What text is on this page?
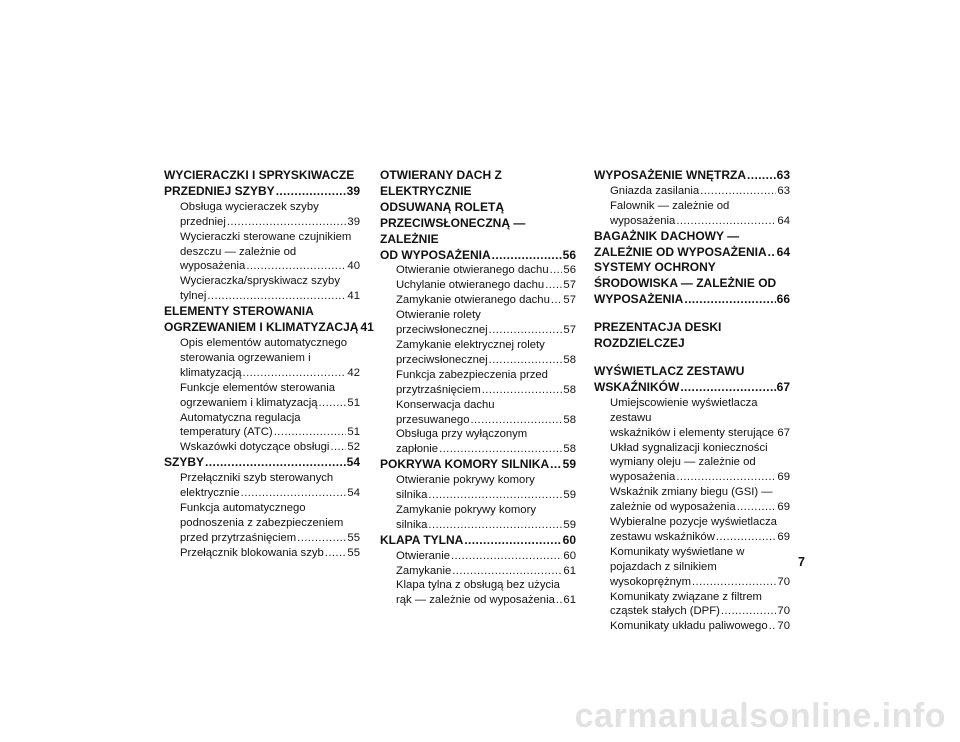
WYCIERACZKI I SPRYSKIWACZE
PRZEDNIEJ SZYBY .....	39
Obsługa wycieraczek szyby
przedniej .....	39
Wycieraczki sterowane czujnikiem
deszczu — zależnie od
wyposażenia .....	40
Wycieraczka/spryskiwacz szyby
tylnej .....	41
ELEMENTY STEROWANIA
OGRZEWANIEM I KLIMATYZACJĄ 41
Opis elementów automatycznego
sterowania ogrzewaniem i
klimatyzacją .....	42
Funkcje elementów sterowania
ogrzewaniem i klimatyzacją .....	51
Automatyczna regulacja
temperatury (ATC) .....	51
Wskazówki dotyczące obsługi ..... 52
SZYBY .....	54
Przełączniki szyb sterowanych
elektrycznie .....	54
Funkcja automatycznego
podnoszenia z zabezpieczeniem
przed przytrzaśnięciem .....	55
Przełącznik blokowania szyb ..... 55
OTWIERANY DACH Z ELEKTRYCZNIE
ODSUWANĄ ROLETĄ
PRZECIWSŁONECZNĄ — ZALEŻNIE
OD WYPOSAŻENIA .....	56
Otwieranie otwieranego dachu ..... 56
Uchylanie otwieranego dachu ..... 57
Zamykanie otwieranego dachu ..... 57
Otwieranie rolety
przeciwsłonecznej .....	57
Zamykanie elektrycznej rolety
przeciwsłonecznej .....	58
Funkcja zabezpieczenia przed
przytrzaśnięciem .....	58
Konserwacja dachu
przesuwanego .....	58
Obsługa przy wyłączonym
zapłonie .....	58
POKRYWA KOMORY SILNIKA ..... 59
Otwieranie pokrywy komory
silnika .....	59
Zamykanie pokrywy komory
silnika .....	59
KLAPA TYLNA .....	60
Otwieranie .....	60
Zamykanie .....	61
Klapa tylna z obsługą bez użycia
rąk — zależnie od wyposażenia ..... 61
WYPOSAŻENIE WNĘTRZA .....	63
Gniazda zasilania .....	63
Falownik — zależnie od
wyposażenia .....	64
BAGAŻNIK DACHOWY —
ZALEŻNIE OD WYPOSAŻENIA ..... 64
SYSTEMY OCHRONY
ŚRODOWISKA — ZALEŻNIE OD
WYPOSAŻENIA .....	66
PREZENTACJA DESKI
ROZDZIELCZEJ
WYŚWIETLACZ ZESTAWU
WSKAŹNIKÓW .....	67
Umiejscowienie wyświetlacza zestawu
wskaźników i elementy sterujące ..... 67
Układ sygnalizacji konieczności
wymiany oleju — zależnie od
wyposażenia .....	69
Wskaźnik zmiany biegu (GSI) —
zależnie od wyposażenia .....	69
Wybieralne pozycje wyświetlacza
zestawu wskaźników .....	69
Komunikaty wyświetlane w
pojazdach z silnikiem
wysokoprężnym .....	70
Komunikaty związane z filtrem
cząstek stałych (DPF) .....	70
Komunikaty układu paliwowego ..... 70
7
carmanualsonline.info
